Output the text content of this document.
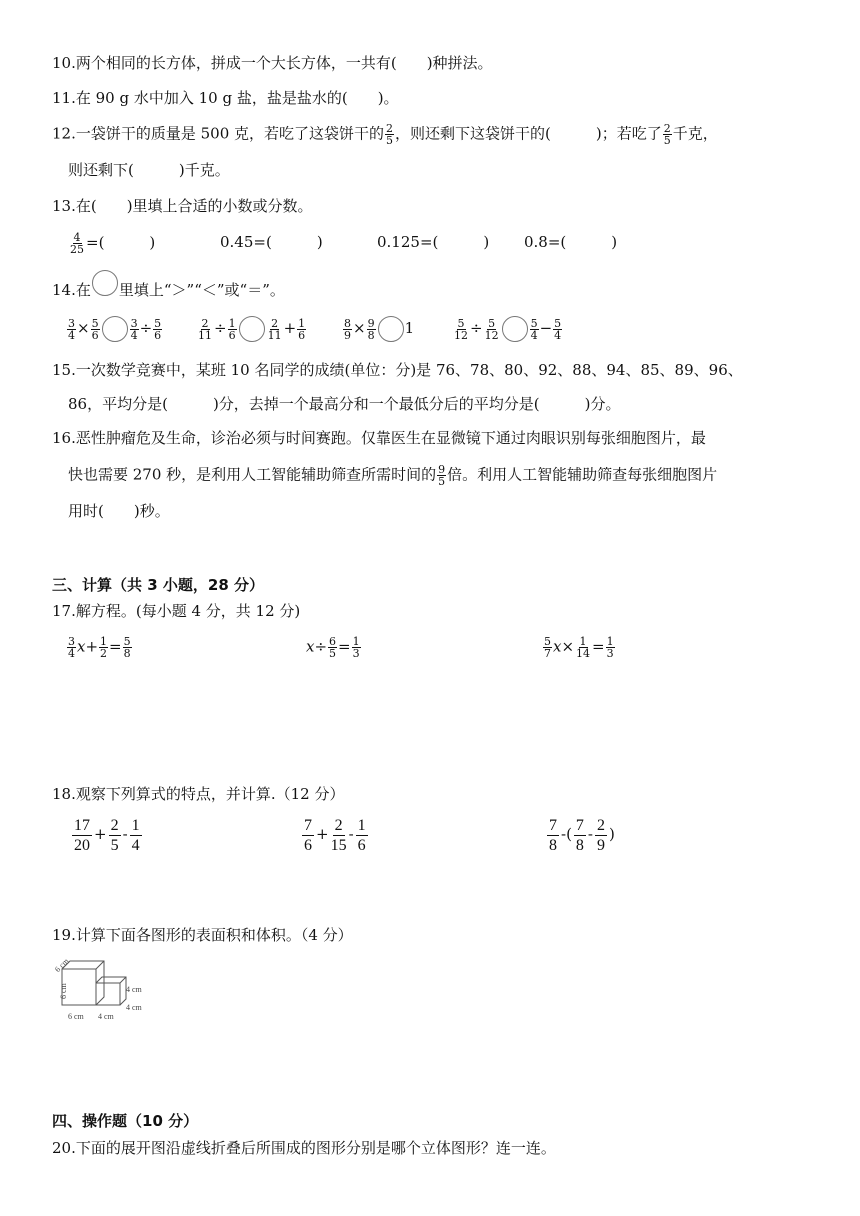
10.两个相同的长方体，拼成一个大长方体，一共有(　　)种拼法。
11.在 90 g 水中加入 10 g 盐，盐是盐水的(　　)。
12.一袋饼干的质量是 500 克，若吃了这袋饼干的 $\frac{2}{5}$ ，则还剩下这袋饼干的(　　　)；若吃了 $\frac{2}{5}$ 千克，
则还剩下(　　　)千克。
13.在(　　)里填上合适的小数或分数。
$\frac{4}{25}$ =(　　　)	0.45=(　　　)	0.125=(　　　) 0.8=(　　　)
14.在 里填上“＞”“＜”或“＝”。
$\frac{3}{4} \times \frac{5}{6}$	$\frac{3}{4} \div \frac{5}{6}$	$\frac{2}{11} \div \frac{1}{6}$	$\frac{2}{11} + \frac{1}{6}$	$\frac{8}{9} \times \frac{9}{8} 1$	$\frac{5}{12} \div \frac{5}{12}$	$\frac{5}{4} - \frac{5}{4}$
15.一次数学竞赛中，某班 10 名同学的成绩(单位：分)是 76、78、80、92、88、94、85、89、96、
86，平均分是(　　　)分，去掉一个最高分和一个最低分后的平均分是(　　　)分。
16.恶性肿瘤危及生命，诊治必须与时间赛跑。仅靠医生在显微镜下通过肉眼识别每张细胞图片，最
快也需要 270 秒，是利用人工智能辅助筛查所需时间的 $\frac{9}{5}$ 倍。利用人工智能辅助筛查每张细胞图片
用时(　　)秒。
三、计算（共 3 小题，28 分）
17.解方程。(每小题 4 分，共 12 分)
$\frac{3}{4} x+ \frac{1}{2} = \frac{5}{8}$	$x\div \frac{6}{5} = \frac{1}{3}$	$\frac{5}{7} x\times \frac{1}{14} = \frac{1}{3}$
18.观察下列算式的特点，并计算.（12 分）
$\frac{17}{20} + \frac{2}{5} - \frac{1}{4}$	$\frac{7}{6} + \frac{2}{15} - \frac{1}{6}$	$\frac{7}{8}$ -( $\frac{7}{8} - \frac{2}{9}$ )
19.计算下面各图形的表面积和体积。（4 分）
6 cm
6 cm
6 cm 4 cm
4 cm
4 cm
四、操作题（10 分）
20.下面的展开图沿虚线折叠后所围成的图形分别是哪个立体图形？连一连。
